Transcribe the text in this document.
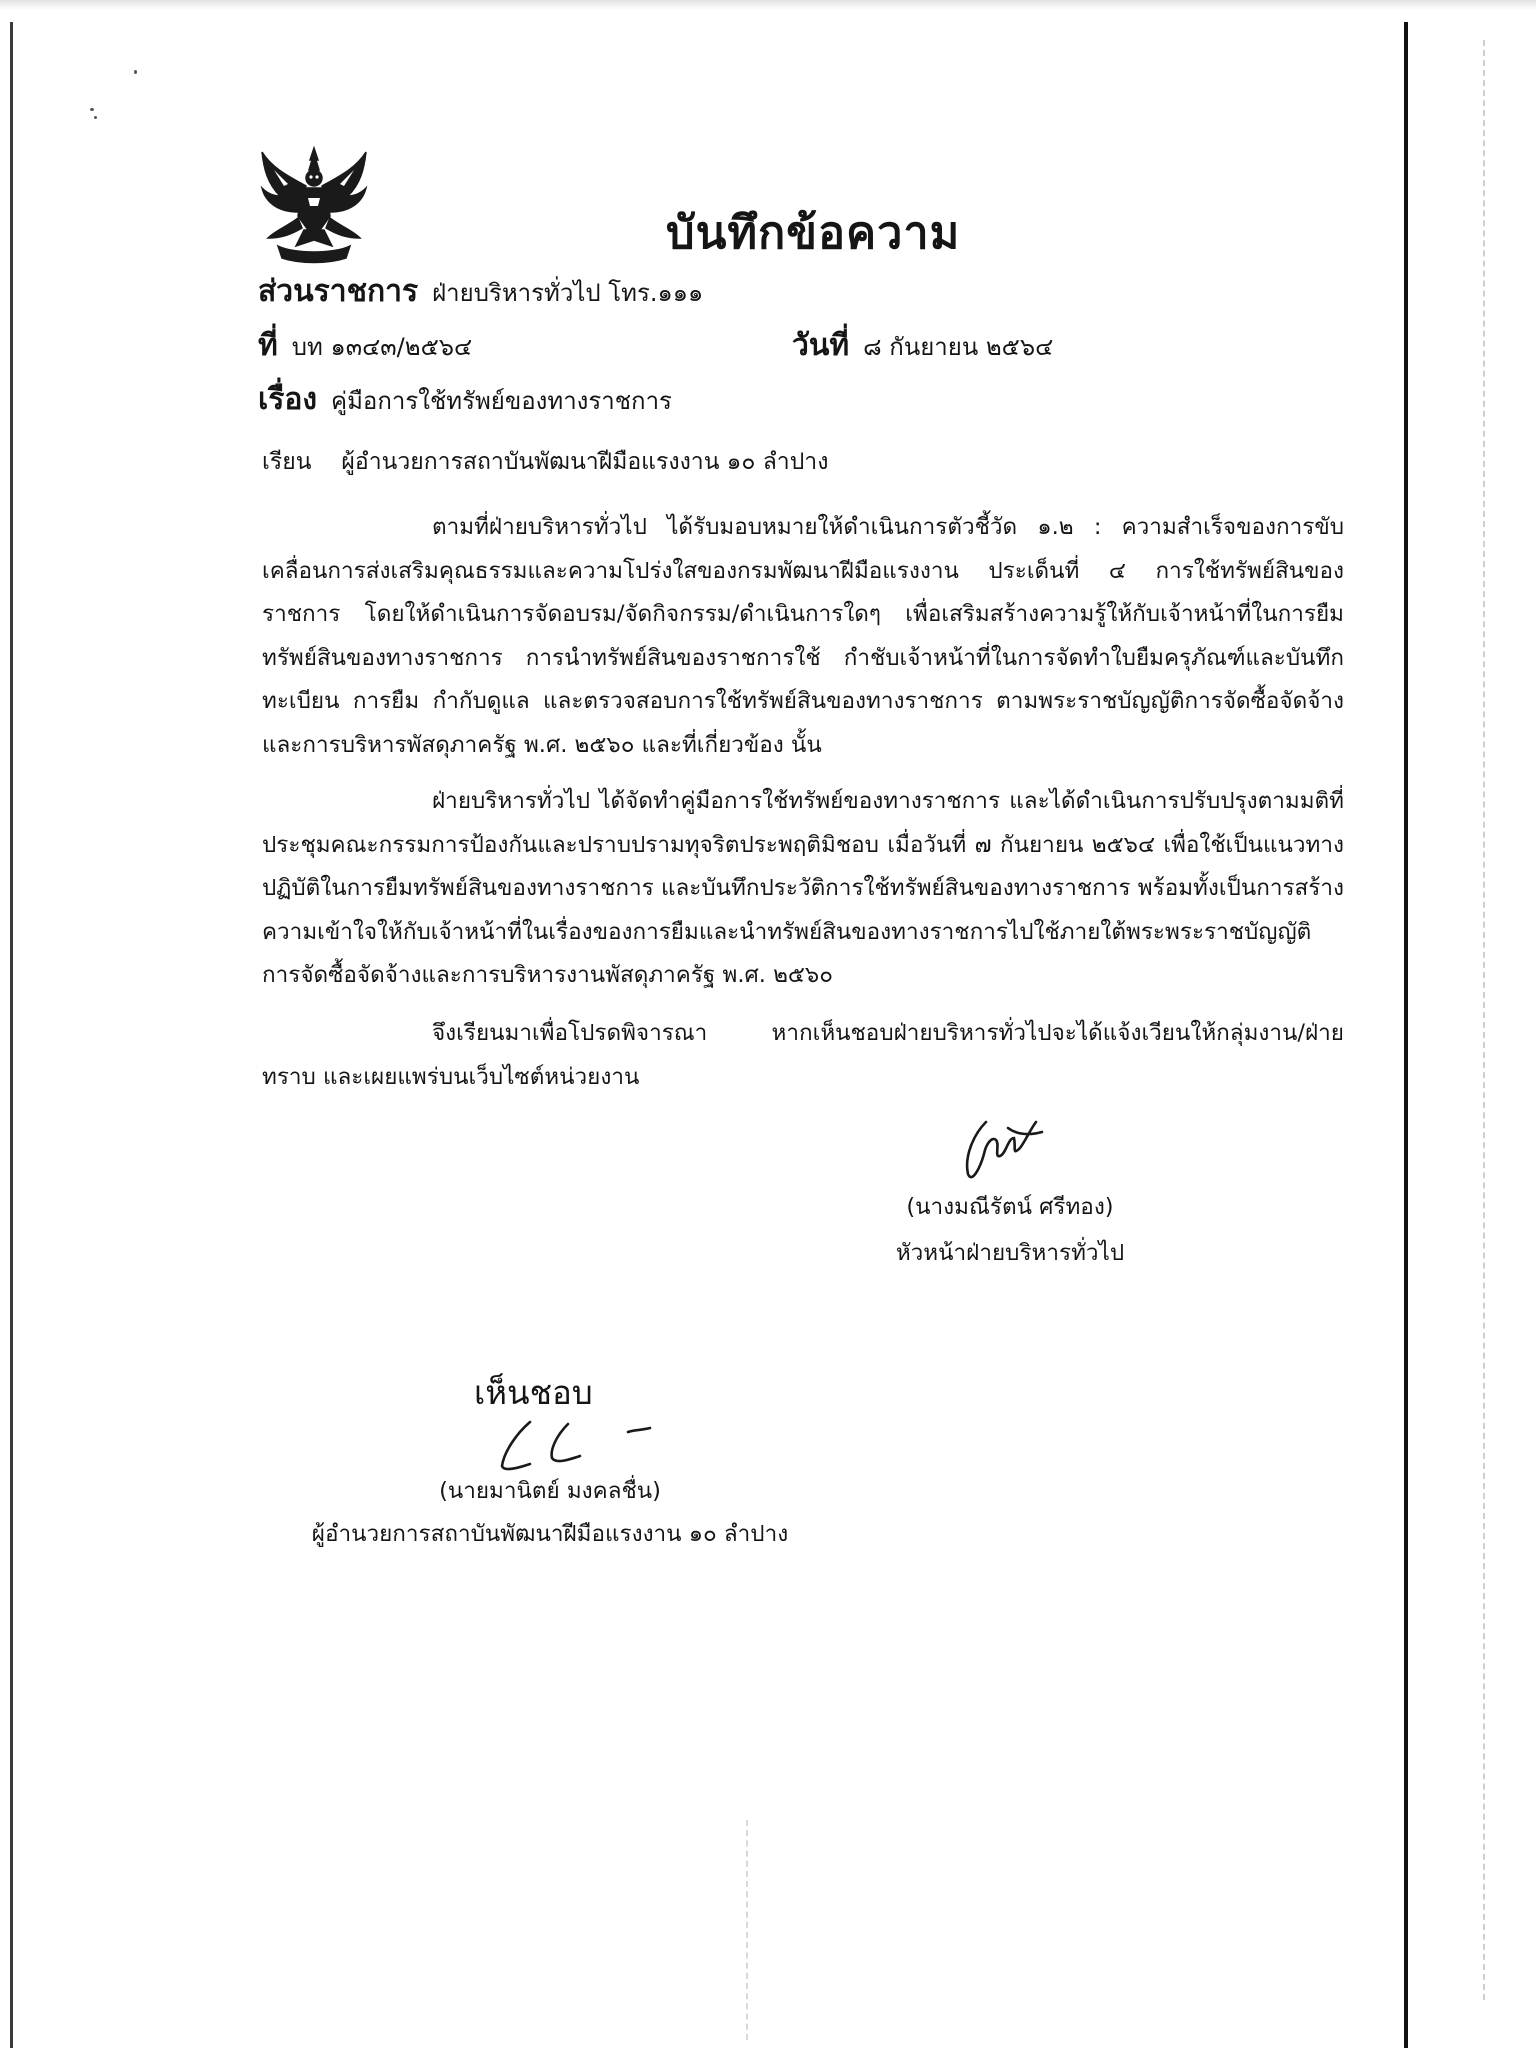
บันทึกข้อความ
ส่วนราชการ ฝ่ายบริหารทั่วไป โทร.๑๑๑
ที่ บท ๑๓๔๓/๒๕๖๔	วันที่ ๘ กันยายน ๒๕๖๔
เรื่อง คู่มือการใช้ทรัพย์ของทางราชการ
เรียน ผู้อำนวยการสถาบันพัฒนาฝีมือแรงงาน ๑๐ ลำปาง
ตามที่ฝ่ายบริหารทั่วไป ได้รับมอบหมายให้ดำเนินการตัวชี้วัด ๑.๒ : ความสำเร็จของการขับเคลื่อนการส่งเสริมคุณธรรมและความโปร่งใสของกรมพัฒนาฝีมือแรงงาน ประเด็นที่ ๔ การใช้ทรัพย์สินของราชการ โดยให้ดำเนินการจัดอบรม/จัดกิจกรรม/ดำเนินการใดๆ เพื่อเสริมสร้างความรู้ให้กับเจ้าหน้าที่ในการยืมทรัพย์สินของทางราชการ การนำทรัพย์สินของราชการใช้ กำชับเจ้าหน้าที่ในการจัดทำใบยืมครุภัณฑ์และบันทึกทะเบียน การยืม กำกับดูแล และตรวจสอบการใช้ทรัพย์สินของทางราชการ ตามพระราชบัญญัติการจัดซื้อจัดจ้างและการบริหารพัสดุภาครัฐ พ.ศ. ๒๕๖๐ และที่เกี่ยวข้อง นั้น
ฝ่ายบริหารทั่วไป ได้จัดทำคู่มือการใช้ทรัพย์ของทางราชการ และได้ดำเนินการปรับปรุงตามมติที่ประชุมคณะกรรมการป้องกันและปราบปรามทุจริตประพฤติมิชอบ เมื่อวันที่ ๗ กันยายน ๒๕๖๔ เพื่อใช้เป็นแนวทางปฏิบัติในการยืมทรัพย์สินของทางราชการ และบันทึกประวัติการใช้ทรัพย์สินของทางราชการ พร้อมทั้งเป็นการสร้างความเข้าใจให้กับเจ้าหน้าที่ในเรื่องของการยืมและนำทรัพย์สินของทางราชการไปใช้ภายใต้พระพระราชบัญญัติการจัดซื้อจัดจ้างและการบริหารงานพัสดุภาครัฐ พ.ศ. ๒๕๖๐
จึงเรียนมาเพื่อโปรดพิจารณา หากเห็นชอบฝ่ายบริหารทั่วไปจะได้แจ้งเวียนให้กลุ่มงาน/ฝ่าย ทราบ และเผยแพร่บนเว็บไซต์หน่วยงาน
(นางมณีรัตน์ ศรีทอง)
หัวหน้าฝ่ายบริหารทั่วไป
เห็นชอบ
(นายมานิตย์ มงคลชื่น)
ผู้อำนวยการสถาบันพัฒนาฝีมือแรงงาน ๑๐ ลำปาง
